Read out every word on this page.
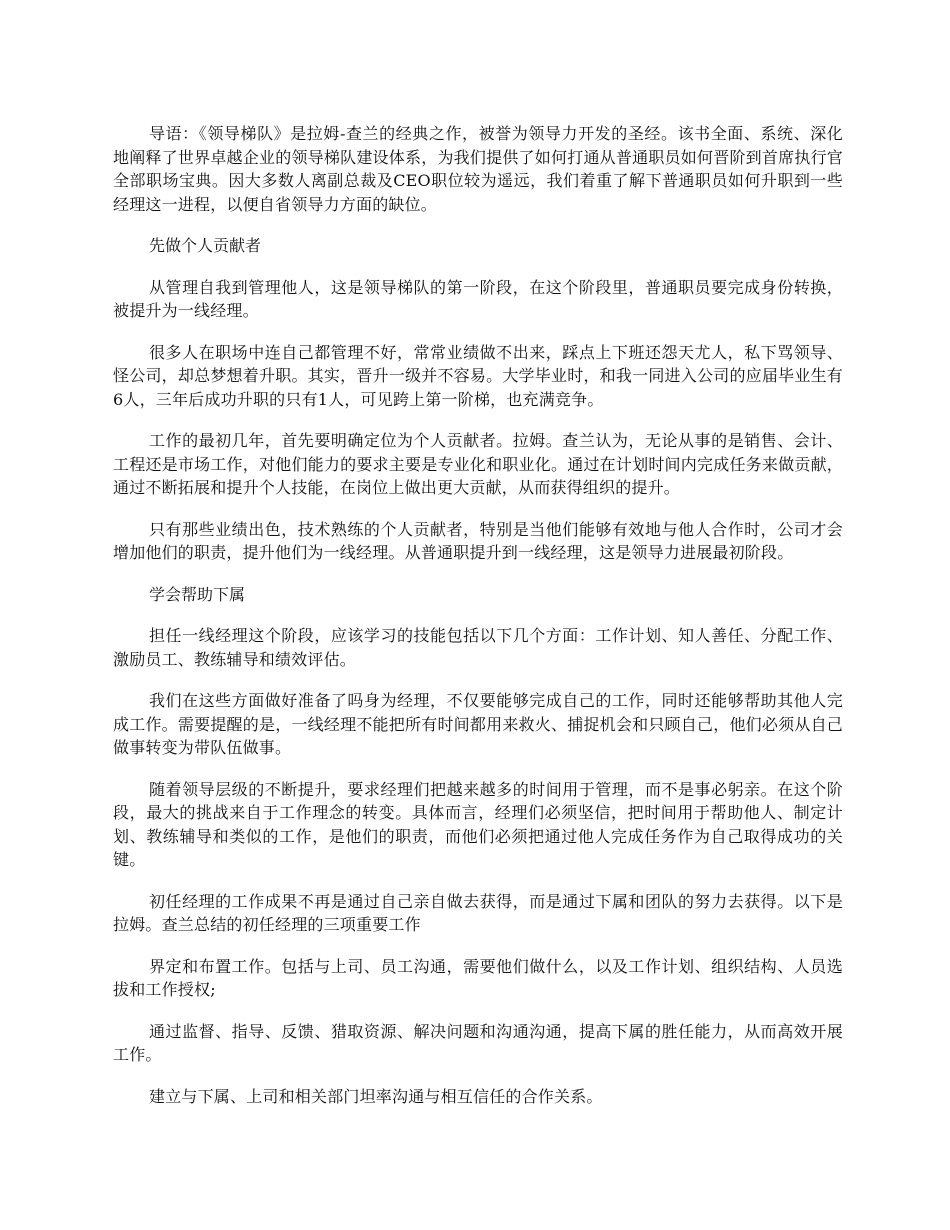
导语：《领导梯队》是拉姆-查兰的经典之作，被誉为领导力开发的圣经。该书全面、系统、深化地阐释了世界卓越企业的领导梯队建设体系，为我们提供了如何打通从普通职员如何晋阶到首席执行官全部职场宝典。因大多数人离副总裁及CEO职位较为遥远，我们着重了解下普通职员如何升职到一些经理这一进程，以便自省领导力方面的缺位。

先做个人贡献者

从管理自我到管理他人，这是领导梯队的第一阶段，在这个阶段里，普通职员要完成身份转换，被提升为一线经理。

很多人在职场中连自己都管理不好，常常业绩做不出来，踩点上下班还怨天尤人，私下骂领导、怪公司，却总梦想着升职。其实，晋升一级并不容易。大学毕业时，和我一同进入公司的应届毕业生有6人，三年后成功升职的只有1人，可见跨上第一阶梯，也充满竞争。

工作的最初几年，首先要明确定位为个人贡献者。拉姆。查兰认为，无论从事的是销售、会计、工程还是市场工作，对他们能力的要求主要是专业化和职业化。通过在计划时间内完成任务来做贡献，通过不断拓展和提升个人技能，在岗位上做出更大贡献，从而获得组织的提升。

只有那些业绩出色，技术熟练的个人贡献者，特别是当他们能够有效地与他人合作时，公司才会增加他们的职责，提升他们为一线经理。从普通职提升到一线经理，这是领导力进展最初阶段。

学会帮助下属

担任一线经理这个阶段，应该学习的技能包括以下几个方面：工作计划、知人善任、分配工作、激励员工、教练辅导和绩效评估。

我们在这些方面做好准备了吗身为经理，不仅要能够完成自己的工作，同时还能够帮助其他人完成工作。需要提醒的是，一线经理不能把所有时间都用来救火、捕捉机会和只顾自己，他们必须从自己做事转变为带队伍做事。

随着领导层级的不断提升，要求经理们把越来越多的时间用于管理，而不是事必躬亲。在这个阶段，最大的挑战来自于工作理念的转变。具体而言，经理们必须坚信，把时间用于帮助他人、制定计划、教练辅导和类似的工作，是他们的职责，而他们必须把通过他人完成任务作为自己取得成功的关键。

初任经理的工作成果不再是通过自己亲自做去获得，而是通过下属和团队的努力去获得。以下是拉姆。查兰总结的初任经理的三项重要工作

界定和布置工作。包括与上司、员工沟通，需要他们做什么，以及工作计划、组织结构、人员选拔和工作授权;

通过监督、指导、反馈、猎取资源、解决问题和沟通沟通，提高下属的胜任能力，从而高效开展工作。

建立与下属、上司和相关部门坦率沟通与相互信任的合作关系。
